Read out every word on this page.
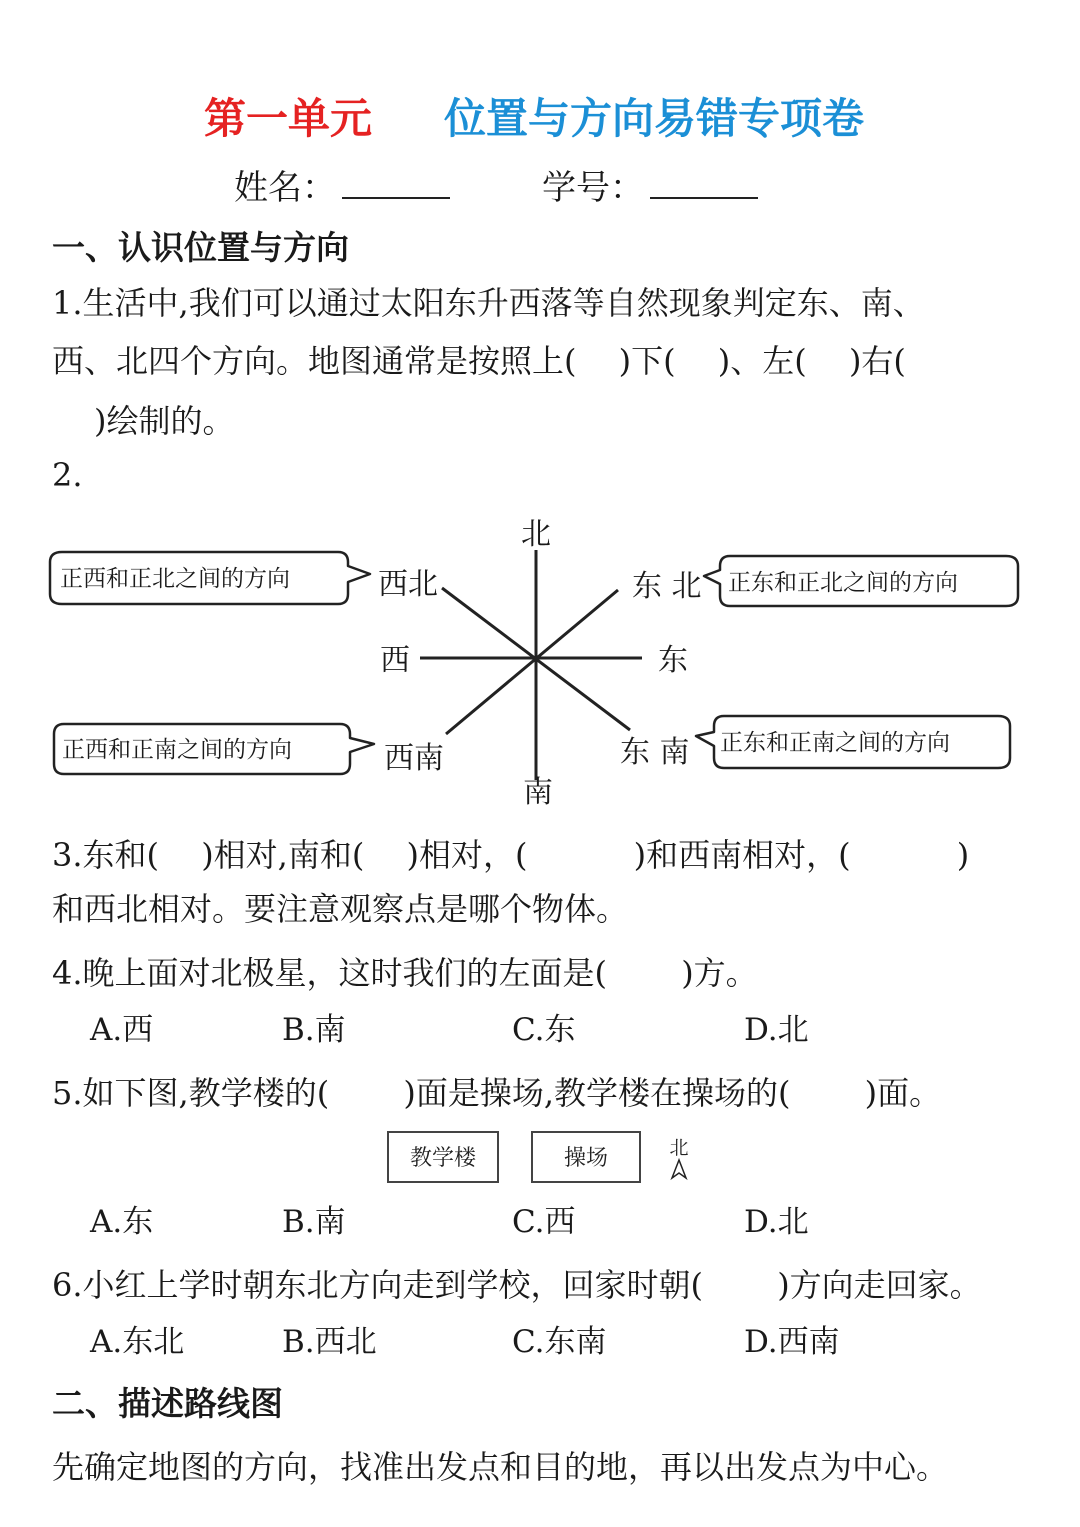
第一单元 位置与方向易错专项卷
姓名：	学号：
一、认识位置与方向
1.生活中,我们可以通过太阳东升西落等自然现象判定东、南、
西、北四个方向。地图通常是按照上(　 )下(　 )、左(　 )右(
　)绘制的。
2.
北
南
东
西
东 北
西北
东 南
西南
正西和正北之间的方向	正东和正北之间的方向
正西和正南之间的方向	正东和正南之间的方向
3.东和(　 )相对,南和(　 )相对，(　　　 )和西南相对，(　　　 )
和西北相对。要注意观察点是哪个物体。
4.晚上面对北极星，这时我们的左面是(　 　)方。
A.西	B.南	C.东	D.北
5.如下图,教学楼的(　 　)面是操场,教学楼在操场的(　 　)面。
教学楼	操场	北
A.东	B.南	C.西	D.北
6.小红上学时朝东北方向走到学校，回家时朝(　 　)方向走回家。
A.东北	B.西北	C.东南	D.西南
二、描述路线图
先确定地图的方向，找准出发点和目的地，再以出发点为中心。
